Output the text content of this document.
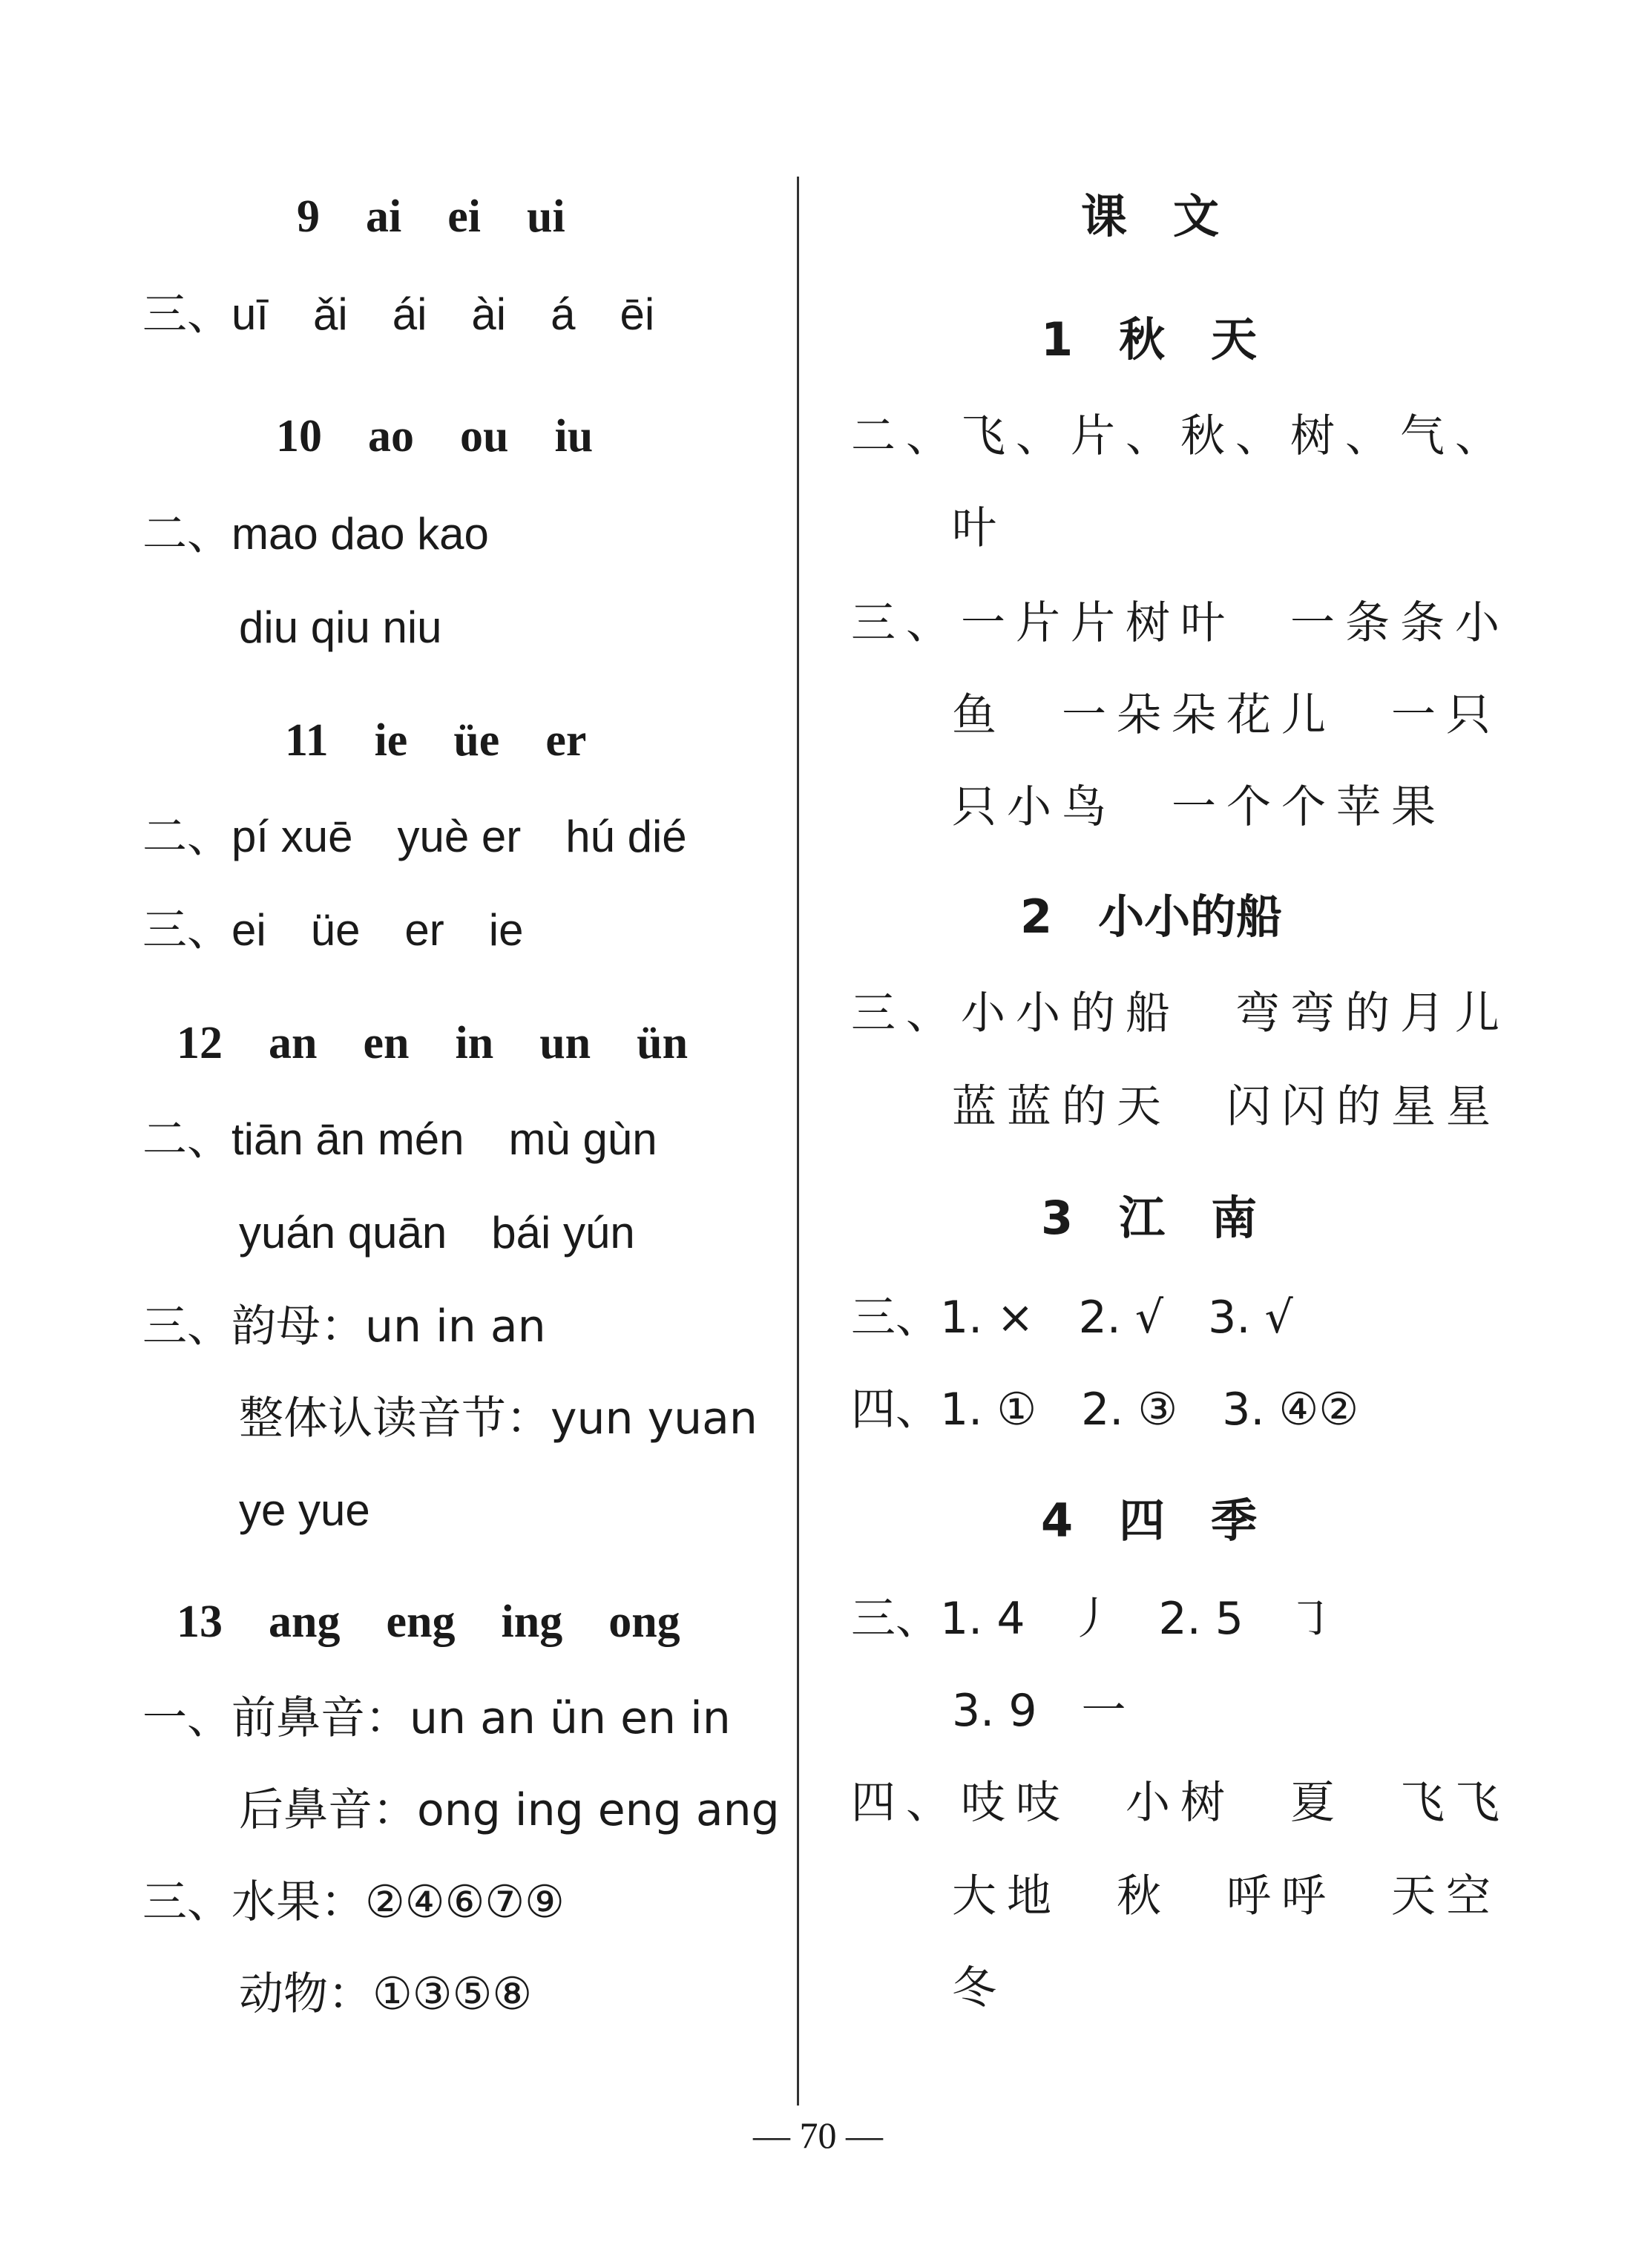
9　ai　ei　ui
三、uī　ǎi　ái　ài　á　ēi
10　ao　ou　iu
二、mao dao kao
diu qiu niu
11　ie　üe　er
二、pí xuē　yuè er　hú dié
三、ei　üe　er　ie
12　an　en　in　un　ün
二、tiān ān mén　mù gùn
yuán quān　bái yún
三、韵母：un in an
整体认读音节：yun yuan
ye yue
13　ang　eng　ing　ong
一、前鼻音：un an ün en in
后鼻音：ong ing eng ang
三、水果：②④⑥⑦⑨
动物：①③⑤⑧
课　文
1　秋　天
二、飞、片、秋、树、气、
叶
三、一片片树叶　一条条小
鱼　一朵朵花儿　一只
只小鸟　一个个苹果
2　小小的船
三、小小的船　弯弯的月儿
蓝蓝的天　闪闪的星星
3　江　南
三、1. ×　2. √　3. √
四、1. ①　2. ③　3. ④②
4　四　季
三、1. 4　丿　2. 5　㇆
3. 9　一
四、吱吱　小树　夏　飞飞
大地　秋　呼呼　天空
冬
— 70 —
